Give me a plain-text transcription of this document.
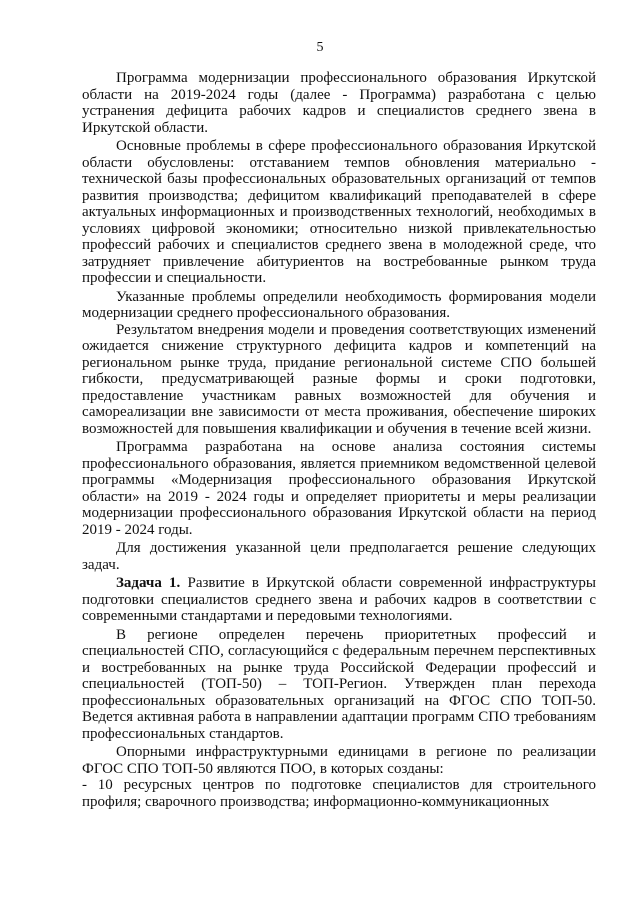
5

Программа модернизации профессионального образования Иркутской области на 2019-2024 годы (далее - Программа) разработана с целью устранения дефицита рабочих кадров и специалистов среднего звена в Иркутской области.

Основные проблемы в сфере профессионального образования Иркутской области обусловлены: отставанием темпов обновления материально - технической базы профессиональных образовательных организаций от темпов развития производства; дефицитом квалификаций преподавателей в сфере актуальных информационных и производственных технологий, необходимых в условиях цифровой экономики; относительно низкой привлекательностью профессий рабочих и специалистов среднего звена в молодежной среде, что затрудняет привлечение абитуриентов на востребованные рынком труда профессии и специальности.

Указанные проблемы определили необходимость формирования модели модернизации среднего профессионального образования.

Результатом внедрения модели и проведения соответствующих изменений ожидается снижение структурного дефицита кадров и компетенций на региональном рынке труда, придание региональной системе СПО большей гибкости, предусматривающей разные формы и сроки подготовки, предоставление участникам равных возможностей для обучения и самореализации вне зависимости от места проживания, обеспечение широких возможностей для повышения квалификации и обучения в течение всей жизни.

Программа разработана на основе анализа состояния системы профессионального образования, является приемником ведомственной целевой программы «Модернизация профессионального образования Иркутской области» на 2019 - 2024 годы и определяет приоритеты и меры реализации модернизации профессионального образования Иркутской области на период 2019 - 2024 годы.

Для достижения указанной цели предполагается решение следующих задач.

Задача 1. Развитие в Иркутской области современной инфраструктуры подготовки специалистов среднего звена и рабочих кадров в соответствии с современными стандартами и передовыми технологиями.

В регионе определен перечень приоритетных профессий и специальностей СПО, согласующийся с федеральным перечнем перспективных и востребованных на рынке труда Российской Федерации профессий и специальностей (ТОП-50) – ТОП-Регион. Утвержден план перехода профессиональных образовательных организаций на ФГОС СПО ТОП-50. Ведется активная работа в направлении адаптации программ СПО требованиям профессиональных стандартов.

Опорными инфраструктурными единицами в регионе по реализации ФГОС СПО ТОП-50 являются ПОО, в которых созданы:

- 10 ресурсных центров по подготовке специалистов для строительного профиля; сварочного производства; информационно-коммуникационных
